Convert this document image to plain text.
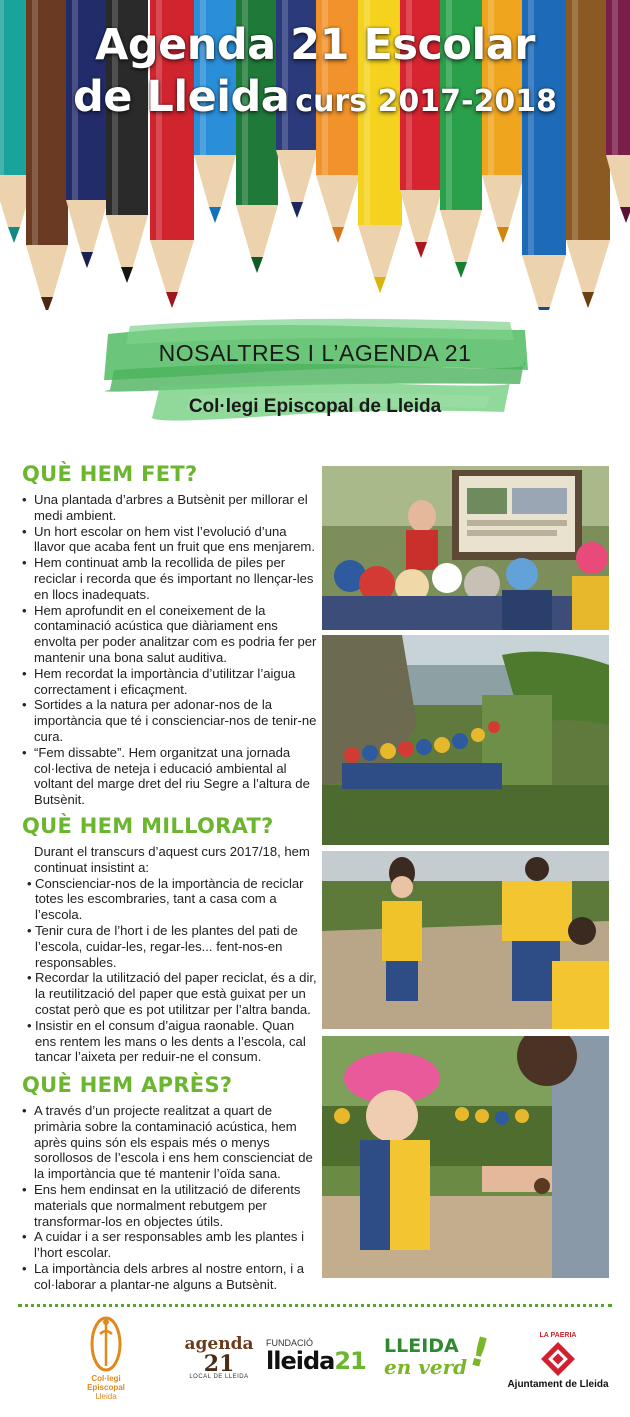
Agenda 21 Escolar
de Lleida curs 2017-2018
NOSALTRES I L’AGENDA 21
Col·legi Episcopal de Lleida
QUÈ HEM FET?
• Una plantada d’arbres a Butsènit per millorar el medi ambient.
• Un hort escolar on hem vist l’evolució d’una llavor que acaba fent un fruit que ens menjarem.
• Hem continuat amb la recollida de piles per reciclar i recorda que és important no llençar-les en llocs inadequats.
• Hem aprofundit en el coneixement de la contaminació acústica que diàriament ens envolta per poder analitzar com es podria fer per mantenir una bona salut auditiva.
• Hem recordat la importància d’utilitzar l’aigua correctament i eficaçment.
• Sortides a la natura per adonar-nos de la importància que té i conscienciar-nos de tenir-ne cura.
• “Fem dissabte”. Hem organitzat una jornada col·lectiva de neteja i educació ambiental al voltant del marge dret del riu Segre a l’altura de Butsènit.
QUÈ HEM MILLORAT?
Durant el transcurs d’aquest curs 2017/18, hem continuat insistint a:
• Conscienciar-nos de la importància de reciclar totes les escombraries, tant a casa com a l’escola.
• Tenir cura de l’hort i de les plantes del pati de l’escola, cuidar-les, regar-les... fent-nos-en responsables.
• Recordar la utilització del paper reciclat, és a dir, la reutilització del paper que està guixat per un costat però que es pot utilitzar per l’altra banda.
• Insistir en el consum d’aigua raonable. Quan ens rentem les mans o les dents a l’escola, cal tancar l’aixeta per reduir-ne el consum.
QUÈ HEM APRÈS?
• A través d’un projecte realitzat a quart de primària sobre la contaminació acústica, hem après quins són els espais més o menys sorollosos de l’escola i ens hem conscienciat de la importància que té mantenir l’oïda sana.
• Ens hem endinsat en la utilització de diferents materials que normalment rebutgem per transformar-los en objectes útils.
• A cuidar i a ser responsables amb les plantes i l’hort escolar.
• La importància dels arbres al nostre entorn, i a col·laborar a plantar-ne alguns a Butsènit.
Col·legi Episcopal
Lleida
agenda
21
LOCAL DE LLEIDA
FUNDACIÓ
lleida21
LLEIDA
en verd
!	LA PAERIA
Ajuntament de Lleida
